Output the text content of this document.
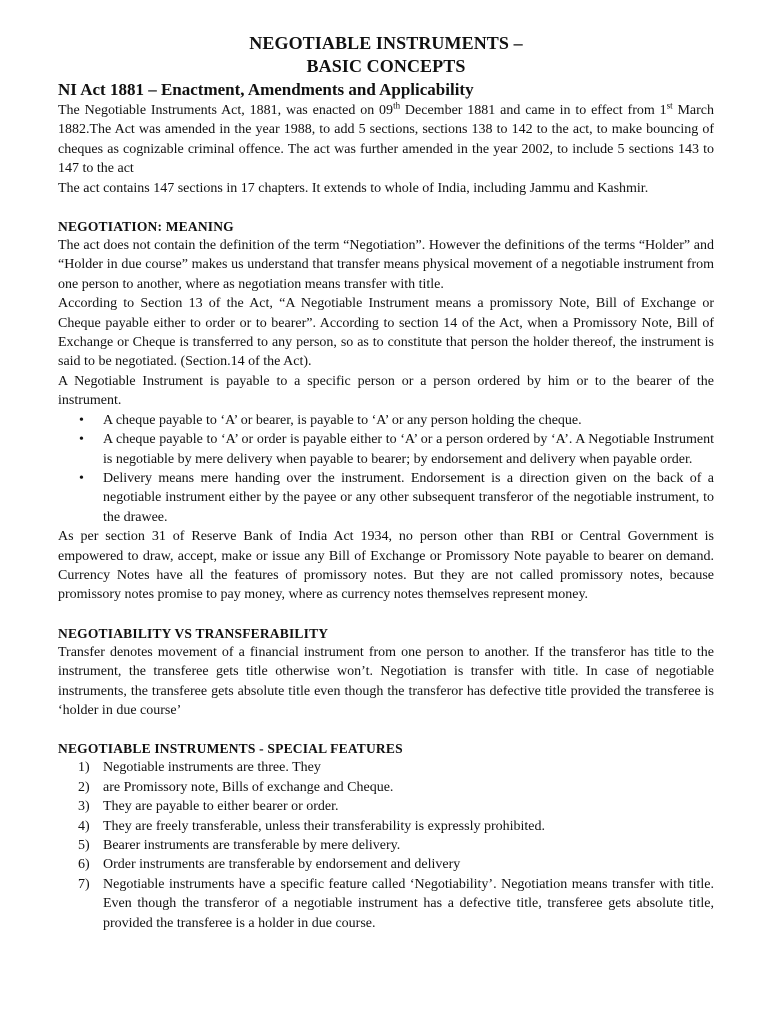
NEGOTIABLE INSTRUMENTS –
BASIC CONCEPTS
NI Act 1881 – Enactment, Amendments and Applicability

The Negotiable Instruments Act, 1881, was enacted on 09th December 1881 and came in to effect from 1st March 1882.The Act was amended in the year 1988, to add 5 sections, sections 138 to 142 to the act, to make bouncing of cheques as cognizable criminal offence. The act was further amended in the year 2002, to include 5 sections 143 to 147 to the act

The act contains 147 sections in 17 chapters. It extends to whole of India, including Jammu and Kashmir.

NEGOTIATION: MEANING

The act does not contain the definition of the term “Negotiation”. However the definitions of the terms “Holder” and “Holder in due course” makes us understand that transfer means physical movement of a negotiable instrument from one person to another, where as negotiation means transfer with title.

According to Section 13 of the Act, “A Negotiable Instrument means a promissory Note, Bill of Exchange or Cheque payable either to order or to bearer”. According to section 14 of the Act, when a Promissory Note, Bill of Exchange or Cheque is transferred to any person, so as to constitute that person the holder thereof, the instrument is said to be negotiated. (Section.14 of the Act).

A Negotiable Instrument is payable to a specific person or a person ordered by him or to the bearer of the instrument.

• A cheque payable to ‘A’ or bearer, is payable to ‘A’ or any person holding the cheque.
• A cheque payable to ‘A’ or order is payable either to ‘A’ or a person ordered by ‘A’. A Negotiable Instrument is negotiable by mere delivery when payable to bearer; by endorsement and delivery when payable order.
• Delivery means mere handing over the instrument. Endorsement is a direction given on the back of a negotiable instrument either by the payee or any other subsequent transferor of the negotiable instrument, to the drawee.

As per section 31 of Reserve Bank of India Act 1934, no person other than RBI or Central Government is empowered to draw, accept, make or issue any Bill of Exchange or Promissory Note payable to bearer on demand. Currency Notes have all the features of promissory notes. But they are not called promissory notes, because promissory notes promise to pay money, where as currency notes themselves represent money.

NEGOTIABILITY VS TRANSFERABILITY

Transfer denotes movement of a financial instrument from one person to another. If the transferor has title to the instrument, the transferee gets title otherwise won’t. Negotiation is transfer with title. In case of negotiable instruments, the transferee gets absolute title even though the transferor has defective title provided the transferee is ‘holder in due course’

NEGOTIABLE INSTRUMENTS - SPECIAL FEATURES
1) Negotiable instruments are three. They
2) are Promissory note, Bills of exchange and Cheque.
3) They are payable to either bearer or order.
4) They are freely transferable, unless their transferability is expressly prohibited.
5) Bearer instruments are transferable by mere delivery.
6) Order instruments are transferable by endorsement and delivery
7) Negotiable instruments have a specific feature called ‘Negotiability’. Negotiation means transfer with title. Even though the transferor of a negotiable instrument has a defective title, transferee gets absolute title, provided the transferee is a holder in due course.
